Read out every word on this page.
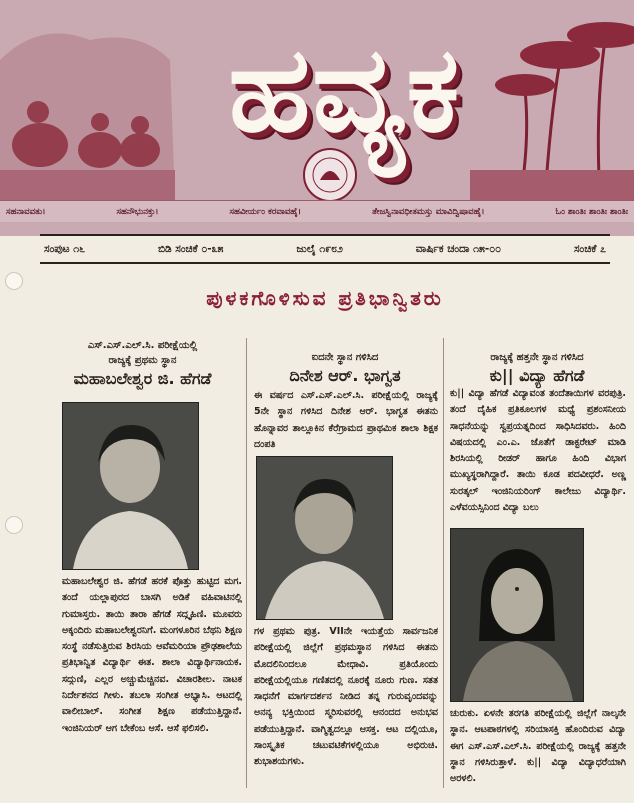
ಹವ್ಯಕ
ಸಹನಾವವತು।	ಸಹನೌಭುನಕ್ತು।	ಸಹವೀರ್ಯಂ ಕರವಾವಹೈ।	ತೇಜಸ್ವಿನಾವಧೀತಮಸ್ತು ಮಾವಿದ್ವಿಷಾವಹೈ।	ಓಂ ಶಾಂತಿಃ ಶಾಂತಿಃ ಶಾಂತಿಃ
ಸಂಪುಟ ೧೬	ಬಿಡಿ ಸಂಚಿಕೆ ೦-೩೫	ಜುಲೈ ೧೯೮೨	ವಾರ್ಷಿಕ ಚಂದಾ ೧೫-೦೦	ಸಂಚಿಕೆ ೭
ಪುಳಕಗೊಳಿಸುವ ಪ್ರತಿಭಾನ್ವಿತರು
ಎಸ್.ಎಸ್.ಎಲ್.ಸಿ. ಪರೀಕ್ಷೆಯಲ್ಲಿ
ರಾಜ್ಯಕ್ಕೆ ಪ್ರಥಮ ಸ್ಥಾನ
ಮಹಾಬಲೇಶ್ವರ ಜಿ. ಹೆಗಡೆ

ಮಹಾಬಲೇಶ್ವರ ಜಿ. ಹೆಗಡೆ ಹರಕೆ ಪೊತ್ತು ಹುಟ್ಟಿದ ಮಗ. ತಂದೆ ಯಲ್ಲಾಪುರದ ಬಾಸಗಿ ಅಡಿಕೆ ವಹಿವಾಟಿನಲ್ಲಿ ಗುಮಾಸ್ತರು. ತಾಯಿ ತಾರಾ ಹೆಗಡೆ ಸದ್ಗೃಹಿಣಿ. ಮೂವರು ಅಕ್ಕಂದಿರು ಮಹಾಬಲೇಶ್ವರನಿಗೆ. ಮಂಗಳೂರಿನ ಬೆಥನಿ ಶಿಕ್ಷಣ ಸಂಸ್ಥೆ ನಡೆಸುತ್ತಿರುವ ಶಿರಸಿಯ ಆವೆಮರಿಯಾ ಪ್ರೌಢಶಾಲೆಯ ಪ್ರತಿಭಾನ್ವಿತ ವಿದ್ಯಾರ್ಥಿ ಈತ. ಶಾಲಾ ವಿದ್ಯಾರ್ಥಿನಾಯಕ. ಸದ್ಗುಣಿ, ಎಲ್ಲರ ಅಚ್ಚುಮೆಚ್ಚಿನವ. ವಿಚಾರಶೀಲ. ನಾಟಕ ನಿರ್ದೇಶನದ ಗೀಳು. ತಬಲಾ ಸಂಗೀತ ಅಭ್ಯಾಸಿ. ಆಟದಲ್ಲಿ ವಾಲೀಬಾಲ್. ಸಂಗೀತ ಶಿಕ್ಷಣ ಪಡೆಯುತ್ತಿದ್ದಾನೆ. ಇಂಜಿನಿಯರ್ ಆಗ ಬೇಕೆಂಬ ಆಸೆ. ಆಸೆ ಫಲಿಸಲಿ.

ಐದನೇ ಸ್ಥಾನ ಗಳಿಸಿದ
ದಿನೇಶ ಆರ್. ಭಾಗ್ವತ

ಈ ವರ್ಷದ ಎಸ್.ಎಸ್.ಎಲ್.ಸಿ. ಪರೀಕ್ಷೆಯಲ್ಲಿ ರಾಜ್ಯಕ್ಕೆ 5ನೇ ಸ್ಥಾನ ಗಳಿಸಿದ ದಿನೇಶ ಆರ್. ಭಾಗ್ವತ ಈತನು ಹೊನ್ನಾವರ ತಾಲ್ಲೂಕಿನ ಕೆರೆಗ್ರಾಮದ ಪ್ರಾಥಮಿಕ ಶಾಲಾ ಶಿಕ್ಷಕ ದಂಪತಿ

ಗಳ ಪ್ರಥಮ ಪುತ್ರ. VIIನೇ ಇಯತ್ತೆಯ ಸಾರ್ವಜನಿಕ ಪರೀಕ್ಷೆಯಲ್ಲಿ ಜಿಲ್ಲೆಗೆ ಪ್ರಥಮಸ್ಥಾನ ಗಳಿಸಿದ ಈತನು ಮೊದಲಿನಿಂದಲೂ ಮೇಧಾವಿ. ಪ್ರತಿಯೊಂದು ಪರೀಕ್ಷೆಯಲ್ಲಿಯೂ ಗಣಿತದಲ್ಲಿ ನೂರಕ್ಕೆ ನೂರು ಗುಣ. ಸತತ ಸಾಧನೆಗೆ ಮಾರ್ಗದರ್ಶನ ನೀಡಿದ ತನ್ನ ಗುರುವೃಂದವನ್ನು ಅನನ್ಯ ಭಕ್ತಿಯಿಂದ ಸ್ಮರಿಸುವರಲ್ಲಿ ಆನಂದದ ಅನುಭವ ಪಡೆಯುತ್ತಿದ್ದಾನೆ. ವಾಗ್ಮಿತ್ವದಲ್ಲೂ ಆಸಕ್ತ. ಆಟ ದಲ್ಲಿಯೂ, ಸಾಂಸ್ಕೃತಿಕ ಚಟುವಟಿಕೆಗಳಲ್ಲಿಯೂ ಅಭಿರುಚಿ. ಶುಭಾಶಯಗಳು.

ರಾಜ್ಯಕ್ಕೆ ಹತ್ತನೇ ಸ್ಥಾನ ಗಳಿಸಿದ
ಕು|| ವಿದ್ಯಾ ಹೆಗಡೆ

ಕು|| ವಿದ್ಯಾ ಹೆಗಡೆ ವಿದ್ಯಾವಂತ ತಂದೆತಾಯಿಗಳ ವರಪುತ್ರಿ. ತಂದೆ ದೈಹಿಕ ಪ್ರತಿಕೂಲಗಳ ಮಧ್ಯೆ ಪ್ರಶಂಸನೀಯ ಸಾಧನೆಯನ್ನು ಸ್ವಪ್ರಯತ್ನದಿಂದ ಸಾಧಿಸಿದವರು. ಹಿಂದಿ ವಿಷಯದಲ್ಲಿ ಎಂ.ಎ. ಜೊತೆಗೆ ಡಾಕ್ಟರೇಟ್ ಮಾಡಿ ಶಿರಸಿಯಲ್ಲಿ ರೀಡರ್ ಹಾಗೂ ಹಿಂದಿ ವಿಭಾಗ ಮುಖ್ಯಸ್ಥರಾಗಿದ್ದಾರೆ. ತಾಯಿ ಕೂಡ ಪದವೀಧರೆ. ಅಣ್ಣ ಸುರತ್ಕಲ್ ಇಂಜಿನಿಯರಿಂಗ್ ಕಾಲೇಜು ವಿದ್ಯಾರ್ಥಿ. ಎಳೆವಯಸ್ಸಿನಿಂದ ವಿದ್ಯಾ ಬಲು

ಚುರುಕು. ಏಳನೇ ತರಗತಿ ಪರೀಕ್ಷೆಯಲ್ಲಿ ಜಿಲ್ಲೆಗೆ ನಾಲ್ಕನೇ ಸ್ಥಾನ. ಆಟಪಾಠಗಳಲ್ಲಿ ಸರಿಯಾಸಕ್ತಿ ಹೊಂದಿರುವ ವಿದ್ಯಾ ಈಗ ಎಸ್.ಎಸ್.ಎಲ್.ಸಿ. ಪರೀಕ್ಷೆಯಲ್ಲಿ ರಾಜ್ಯಕ್ಕೆ ಹತ್ತನೇ ಸ್ಥಾನ ಗಳಿಸಿರುತ್ತಾಳೆ. ಕು|| ವಿದ್ಯಾ ವಿದ್ಯಾಧರೆಯಾಗಿ ಅರಳಲಿ.
